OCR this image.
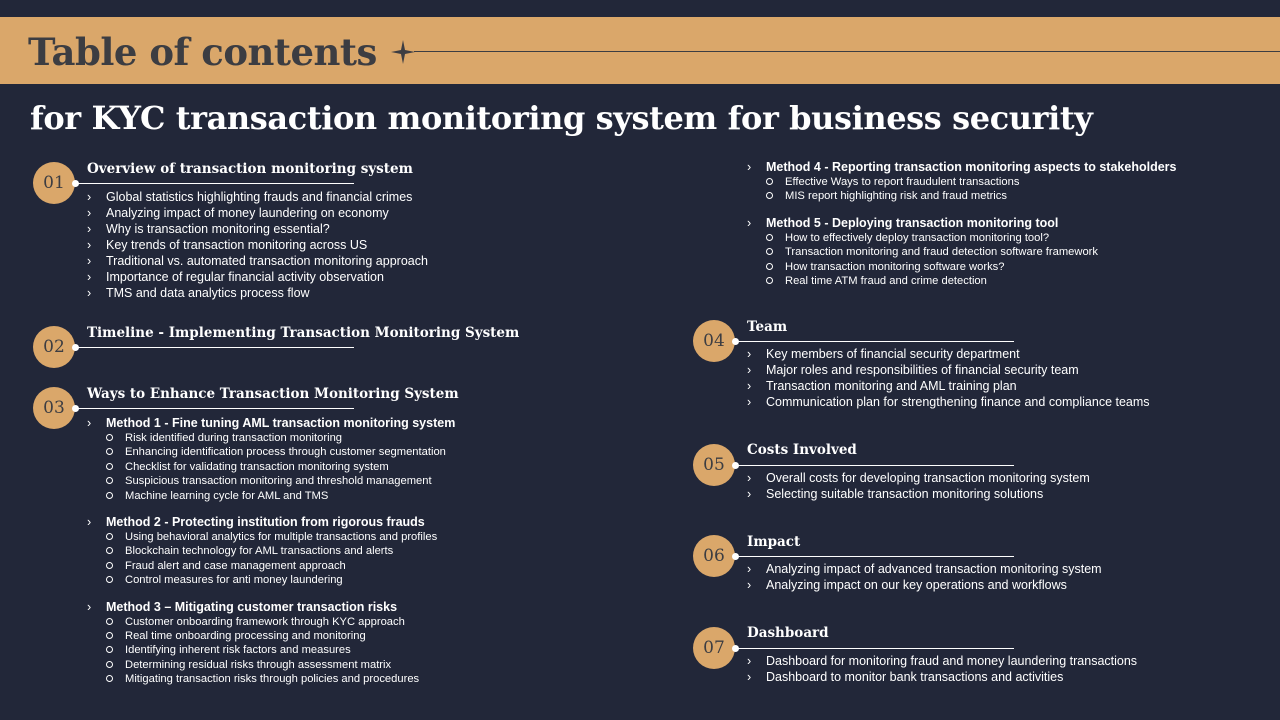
Table of contents
for KYC transaction monitoring system for business security
01
Overview of transaction monitoring system
› Global statistics highlighting frauds and financial crimes
› Analyzing impact of money laundering on economy
› Why is transaction monitoring essential?
› Key trends of transaction monitoring across US
› Traditional vs. automated transaction monitoring approach
› Importance of regular financial activity observation
› TMS and data analytics process flow
02
Timeline - Implementing Transaction Monitoring System
03
Ways to Enhance Transaction Monitoring System
› Method 1 - Fine tuning AML transaction monitoring system
Risk identified during transaction monitoring
Enhancing identification process through customer segmentation
Checklist for validating transaction monitoring system
Suspicious transaction monitoring and threshold management
Machine learning cycle for AML and TMS
› Method 2 - Protecting institution from rigorous frauds
Using behavioral analytics for multiple transactions and profiles
Blockchain technology for AML transactions and alerts
Fraud alert and case management approach
Control measures for anti money laundering
› Method 3 – Mitigating customer transaction risks
Customer onboarding framework through KYC approach
Real time onboarding processing and monitoring
Identifying inherent risk factors and measures
Determining residual risks through assessment matrix
Mitigating transaction risks through policies and procedures
› Method 4 - Reporting transaction monitoring aspects to stakeholders
Effective Ways to report fraudulent transactions
MIS report highlighting risk and fraud metrics
› Method 5 - Deploying transaction monitoring tool
How to effectively deploy transaction monitoring tool?
Transaction monitoring and fraud detection software framework
How transaction monitoring software works?
Real time ATM fraud and crime detection
04
Team
› Key members of financial security department
› Major roles and responsibilities of financial security team
› Transaction monitoring and AML training plan
› Communication plan for strengthening finance and compliance teams
05
Costs Involved
› Overall costs for developing transaction monitoring system
› Selecting suitable transaction monitoring solutions
06
Impact
› Analyzing impact of advanced transaction monitoring system
› Analyzing impact on our key operations and workflows
07
Dashboard
› Dashboard for monitoring fraud and money laundering transactions
› Dashboard to monitor bank transactions and activities
